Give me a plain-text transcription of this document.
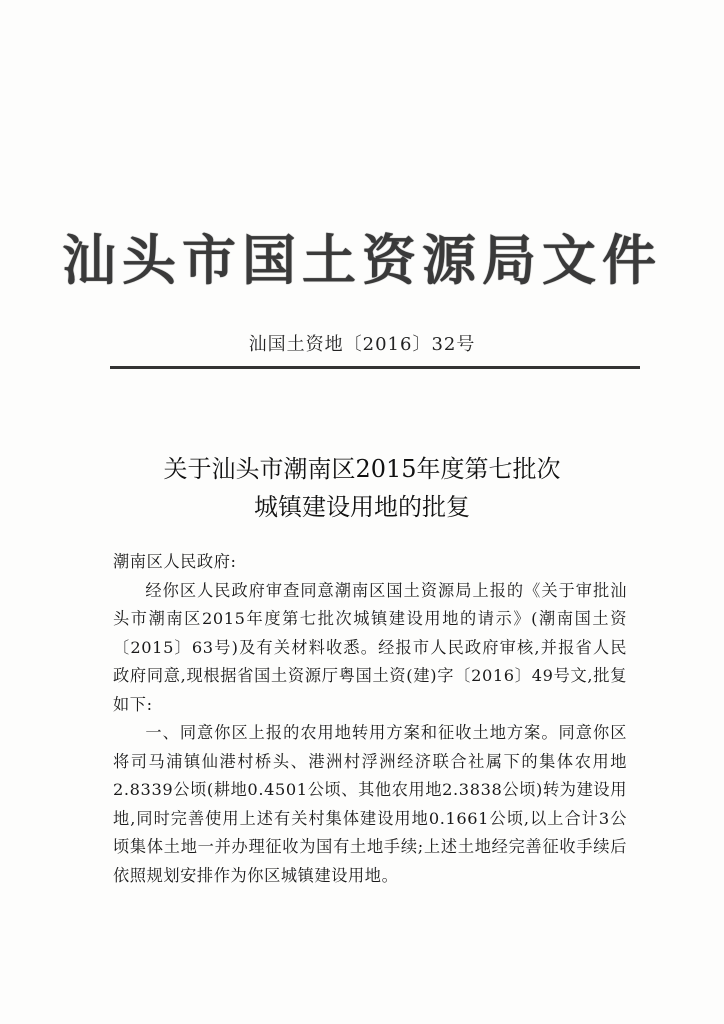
汕头市国土资源局文件
汕国土资地〔2016〕32号
关于汕头市潮南区2015年度第七批次
城镇建设用地的批复
潮南区人民政府:
经你区人民政府审查同意潮南区国土资源局上报的《关于审批汕头市潮南区2015年度第七批次城镇建设用地的请示》(潮南国土资〔2015〕63号)及有关材料收悉。经报市人民政府审核,并报省人民政府同意,现根据省国土资源厅粤国土资(建)字〔2016〕49号文,批复如下:
一、同意你区上报的农用地转用方案和征收土地方案。同意你区将司马浦镇仙港村桥头、港洲村浮洲经济联合社属下的集体农用地2.8339公顷(耕地0.4501公顷、其他农用地2.3838公顷)转为建设用地,同时完善使用上述有关村集体建设用地0.1661公顷,以上合计3公顷集体土地一并办理征收为国有土地手续;上述土地经完善征收手续后依照规划安排作为你区城镇建设用地。
